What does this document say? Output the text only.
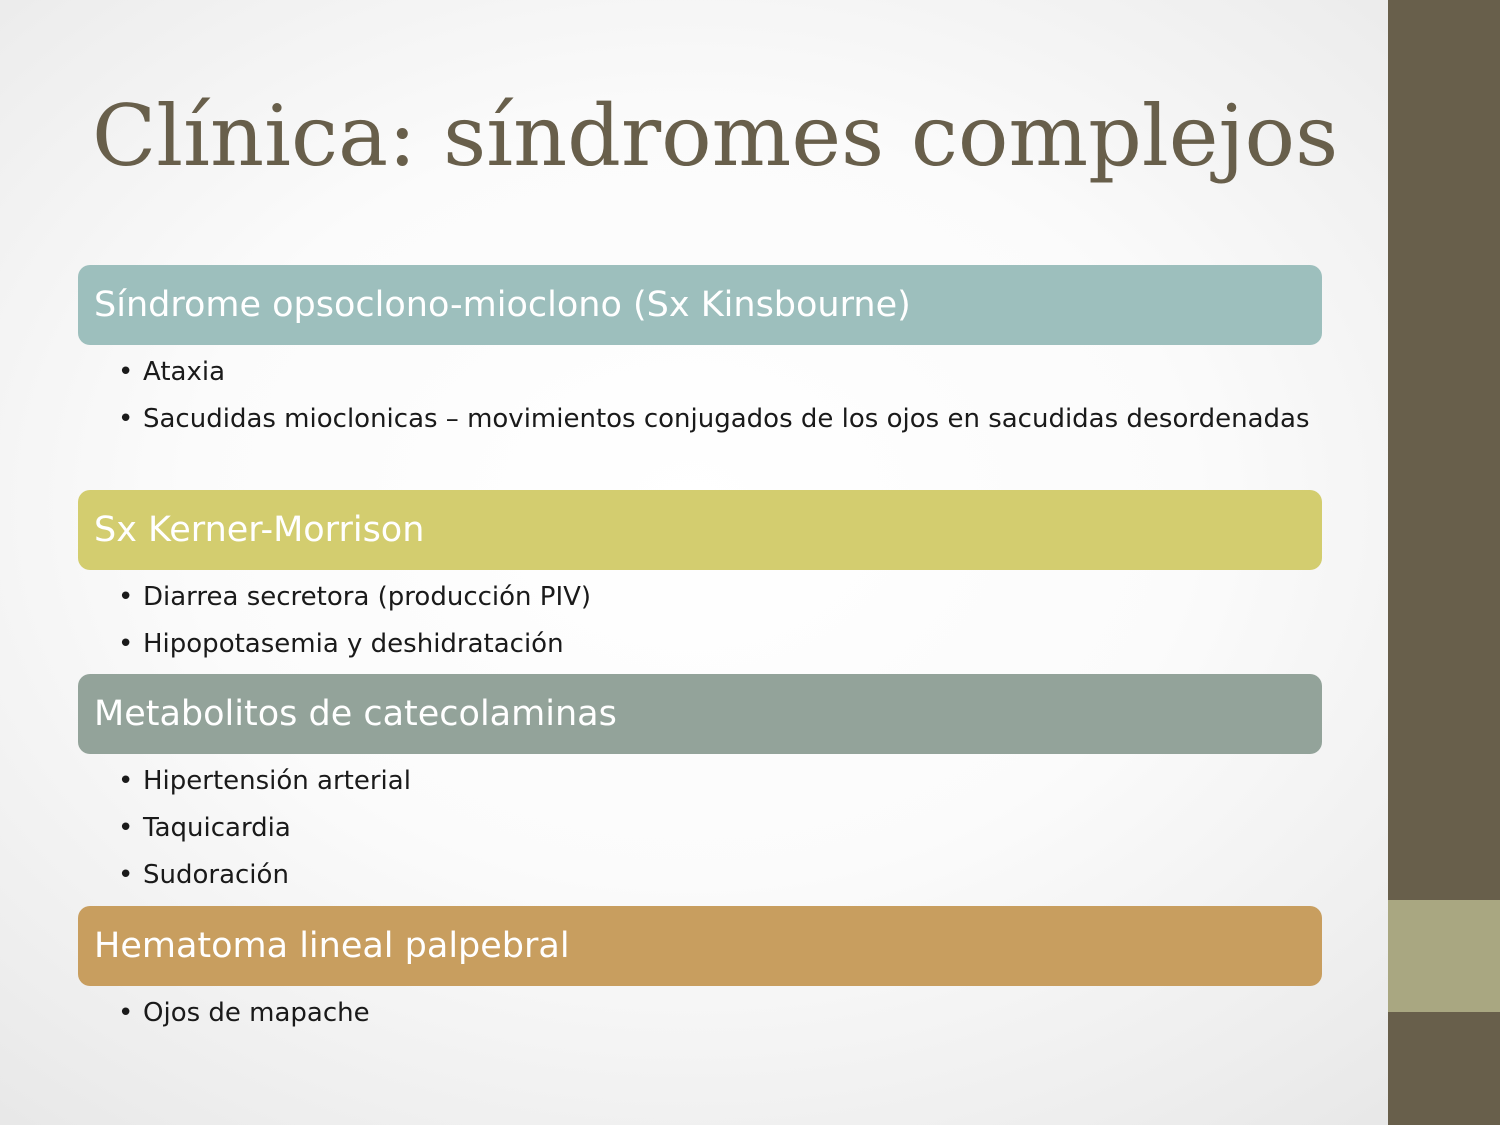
Clínica: síndromes complejos
Síndrome opsoclono-mioclono (Sx Kinsbourne)
• Ataxia
• Sacudidas mioclonicas – movimientos conjugados de los ojos en sacudidas desordenadas
Sx Kerner-Morrison
• Diarrea secretora (producción PIV)
• Hipopotasemia y deshidratación
Metabolitos de catecolaminas
• Hipertensión arterial
• Taquicardia
• Sudoración
Hematoma lineal palpebral
• Ojos de mapache
